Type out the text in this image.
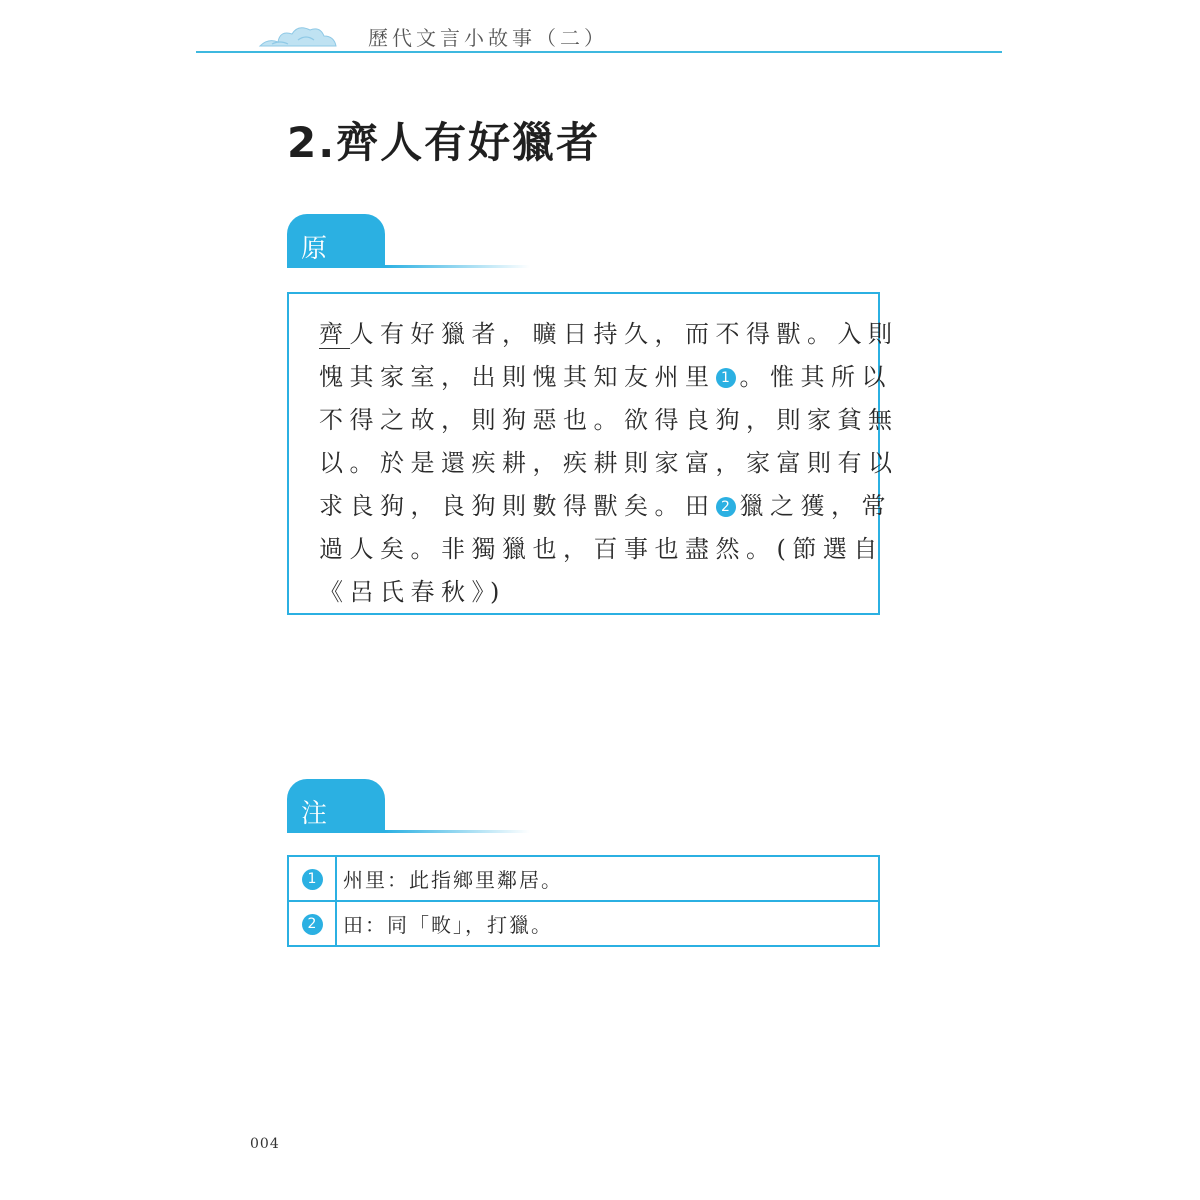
歷代文言小故事（二）
2.齊人有好獵者
原 文
齊人有好獵者，曠日持久，而不得獸。入則
愧其家室，出則愧其知友州里 1 。惟其所以
不得之故，則狗惡也。欲得良狗，則家貧無
以。於是還疾耕，疾耕則家富，家富則有以
求良狗，良狗則數得獸矣。田 2 獵之獲，常
過人矣。非獨獵也，百事也盡然。(節選自
《呂氏春秋》)
注 釋
1	州里：此指鄉里鄰居。
2	田：同「畋」，打獵。
004
